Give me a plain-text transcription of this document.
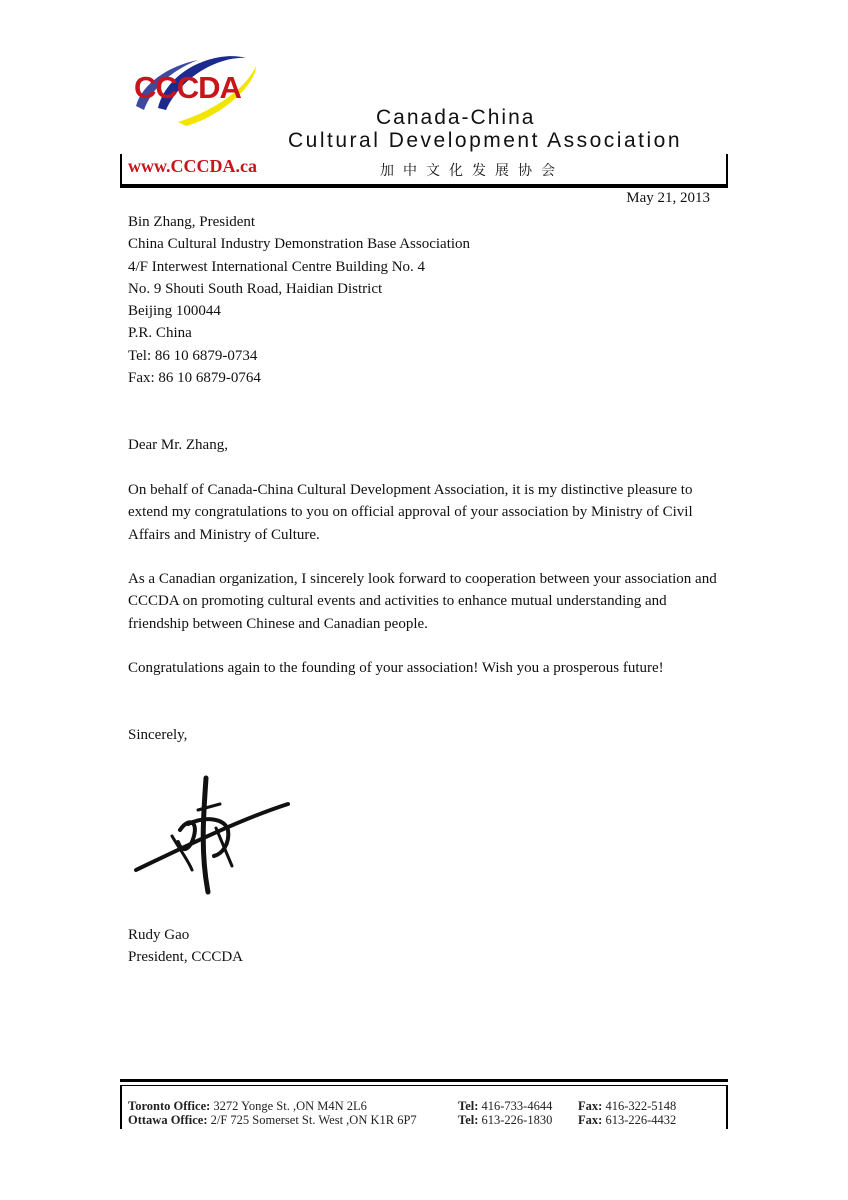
CCCDA
Canada-China
Cultural Development Association
www.CCCDA.ca	加中文化发展协会
May 21, 2013
Bin Zhang, President
China Cultural Industry Demonstration Base Association
4/F Interwest International Centre Building No. 4
No. 9 Shouti South Road, Haidian District
Beijing 100044
P.R. China
Tel: 86 10 6879-0734
Fax: 86 10 6879-0764
Dear Mr. Zhang,
On behalf of Canada-China Cultural Development Association, it is my distinctive pleasure to extend my congratulations to you on official approval of your association by Ministry of Civil Affairs and Ministry of Culture.
As a Canadian organization, I sincerely look forward to cooperation between your association and CCCDA on promoting cultural events and activities to enhance mutual understanding and friendship between Chinese and Canadian people.
Congratulations again to the founding of your association! Wish you a prosperous future!
Sincerely,
Rudy Gao
President, CCCDA
Toronto Office: 3272 Yonge St. ,ON M4N 2L6	Tel: 416-733-4644 Fax: 416-322-5148
Ottawa Office: 2/F 725 Somerset St. West ,ON K1R 6P7	Tel: 613-226-1830 Fax: 613-226-4432
